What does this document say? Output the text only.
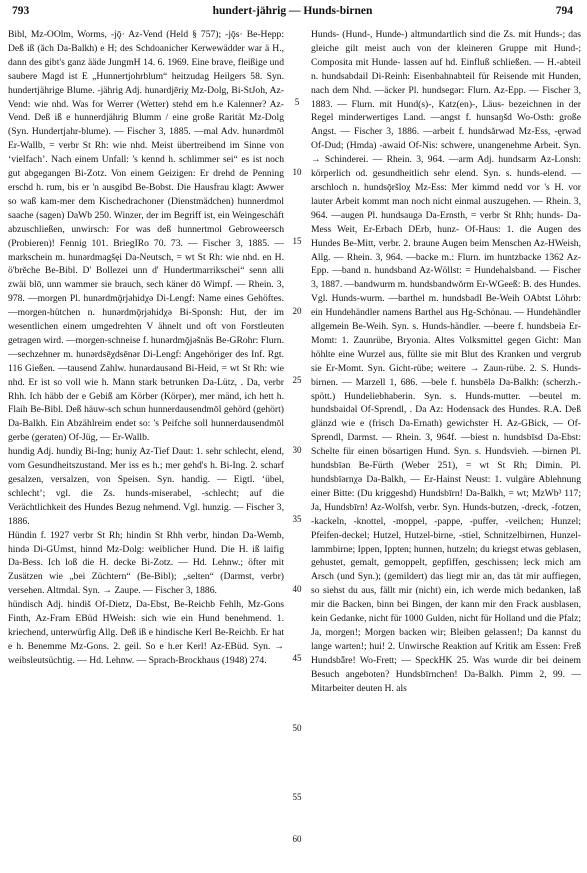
793	hundert-jährig — Hunds-birnen	794

Bibl, Mz-OOlm, Worms, -jǭ· Az-Vend (Held § 757); -jǭs· Be-Hepp: Deß iß (ăch Da-Balkh) e H; des Schdoanicher Kerwewädder war ä H., dann des gibt's ganz ääde JungmH 14. 6. 1969. Eine brave, fleißige und saubere Magd ist E „Hunnertjohrblum“ heitzudag Heilgers 58. Syn. hundertjährige Blume. -jährig Adj. hunərdjēriχ Mz-Dolg, Bi-StJoh, Az-Vend: wie nhd. Was for Werrer (Wetter) stehd em h.e Kalenner? Az-Vend. Deß iß e hunnerdjährig Blumm / eine große Rarität Mz-Dolg (Syn. Hundertjahr-blume). — Fischer 3, 1885. —mal Adv. hunərdmōl Er-Wallb, = verbr St Rh: wie nhd. Meist übertreibend im Sinne von ‘vielfach’. Nach einem Unfall: 's kennd h. schlimmer sei“ es ist noch gut abgegangen Bi-Zotz. Von einem Geizigen: Er drehd de Penning erschd h. rum, bis er 'n ausgibd Be-Bobst. Die Hausfrau klagt: Awwer so waß kam-mer dem Kischedrachoner (Dienstmädchen) hunnerdmol saache (sagen) DaWb 250. Winzer, der im Begriff ist, ein Weingeschäft abzuschließen, unwirsch: For was deß hunnertmol Gebroweersch (Probieren)! Fennig 101. BriegIRo 70. 73. — Fischer 3, 1885. —markschein m. hunərdmagšęi Da-Neutsch, = wt St Rh: wie nhd. en H. ö'brĕche Be-Bibl. D' Bollezei unn d' Hundertmarrikschei“ senn alli zwäi blō, unn wammer sie brauch, sech käner dō Wimpf. — Rhein. 3, 978. —morgen Pl. hunərdmǭrjəhidχə Di-Lengf: Name eines Gehöftes. —morgen-hütchen n. hunərdmǭrjəhidχə Bi-Sponsh: Hut, der im wesentlichen einem umgedrehten V ähnelt und oft von Forstleuten getragen wird. —morgen-schneise f. hunərdmǭjəšnäs Be-GRohr: Flurn. —sechzehner m. hunərdsēχdsēnər Di-Lengf: Angehöriger des Inf. Rgt. 116 Gießen. —tausend Zahlw. hunərdausənd Bi-Heid, = wt St Rh: wie nhd. Er ist so voll wie h. Mann stark betrunken Da-Lütz, . Da, verbr Rhh. Ich häbb der e Gebiß am Körber (Körper), mer mänd, ich hett h. Flaih Be-Bibl. Deß häuw-sch schun hunnerdausendmōl gehörd (gehört) Da-Balkh. Ein Abzählreim endet so: 's Peifche soll hunnerdausendmōl gerbe (geraten) Of-Jüg, — Er-Wallb.

hundig Adj. hundiχ Bi-Ing; huniχ Az-Tief Daut: 1. sehr schlecht, elend, vom Gesundheitszustand. Mer iss es h.; mer gehd's h. Bi-Ing. 2. scharf gesalzen, versalzen, von Speisen. Syn. handig. — Eigtl. ‘übel, schlecht’; vgl. die Zs. hunds-miserabel, -schlecht; auf die Verächtlichkeit des Hundes Bezug nehmend. Vgl. hunzig. — Fischer 3, 1886.

Hündin f. 1927 verbr St Rh; hindin St Rhh verbr, hindən Da-Wemb, hində Di-GUmst, hinnd Mz-Dolg: weiblicher Hund. Die H. iß laifig Da-Bess. Ich loß die H. decke Bi-Zotz. — Hd. Lehnw.; öfter mit Zusätzen wie „bei Züchtern“ (Be-Bibl); „selten“ (Darmst, verbr) versehen. Altmdal. Syn. → Zaupe. — Fischer 3, 1886.

hündisch Adj. hindiš Of-Dietz, Da-Ebst, Be-Reichb Fehlh, Mz-Gons Finth, Az-Fram EBüd HWeish: sich wie ein Hund benehmend. 1. kriechend, unterwürfig Allg. Deß iß e hindische Kerl Be-Reichb. Er hat e h. Benemme Mz-Gons. 2. geil. So e h.er Kerl! Az-EBüd. Syn. → weibsleutsüchtig. — Hd. Lehnw. — Sprach-Brockhaus (1948) 274.

5
10
15
20
25
30
35
40
45
50
55
60

Hunds- (Hund-, Hunde-) altmundartlich sind die Zs. mit Hunds-; das gleiche gilt meist auch von der kleineren Gruppe mit Hund-; Composita mit Hunde- lassen auf hd. Einfluß schließen. — H.-abteil n. hundsabdail Di-Reinh: Eisenbahnabteil für Reisende mit Hunden, nach dem Nhd. —äcker Pl. hundsegər: Flurn. Az-Epp. — Fischer 3, 1883. — Flurn. mit Hund(s)-, Katz(en)-, Läus- bezeichnen in der Regel minderwertiges Land. —angst f. hunsaŋšd Wo-Osth: große Angst. — Fischer 3, 1886. —arbeit f. hundsărwəd Mz-Ess, -ęrwəd Of-Dud; (Hmda) -awaid Of-Nis: schwere, unangenehme Arbeit. Syn. → Schinderei. — Rhein. 3, 964. —arm Adj. hundsarm Az-Lonsh: körperlich od. gesundheitlich sehr elend. Syn. s. hunds-elend. —arschloch n. hundsǭršloχ Mz-Ess: Mer kimmd nedd vor 's H. vor lauter Arbeit kommt man noch nicht einmal auszugehen. — Rhein. 3, 964. —augen Pl. hundsaugə Da-Ernsth, = verbr St Rhh; hunds- Da-Mess Weit, Er-Erbach DErb, hunz- Of-Haus: 1. die Augen des Hundes Be-Mitt, verbr. 2. braune Augen beim Menschen Az-HWeish, Allg. — Rhein. 3, 964. —backe m.: Flurn. im huntzbacke 1362 Az-Epp. —band n. hundsband Az-Wöllst: = Hundehalsband. — Fischer 3, 1887. —bandwurm m. hundsbandwŏrm Er-WGeeß: B. des Hundes. Vgl. Hunds-wurm. —barthel m. hundsbadl Be-Weih OAbtst Löhrb: ein Hundehändler namens Barthel aus Hg-Schönau. — Hundehändler allgemein Be-Weih. Syn. s. Hunds-händler. —beere f. hundsbeiə Er-Momt: 1. Zaunrübe, Bryonia. Altes Volksmittel gegen Gicht: Man höhlte eine Wurzel aus, füllte sie mit Blut des Kranken und vergrub sie Er-Momt. Syn. Gicht-rübe; weitere → Zaun-rübe. 2. S. Hunds-birnen. — Marzell 1, 686. —bele f. hunsbēlə Da-Balkh: (scherzh.-spött.) Hundeliebhaberin. Syn. s. Hunds-mutter. —beutel m. hundsbaidəl Of-Sprendl, . Da Az: Hodensack des Hundes. R.A. Deß glänzd wie e (frisch Da-Ernath) gewichster H. Az-GBick, — Of-Sprendl, Darmst. — Rhein. 3, 964f. —biest n. hundsbīsd Da-Ebst: Schelte für einen bösartigen Hund. Syn. s. Hundsvieh. —birnen Pl. hundsbīən Be-Fürth (Weber 251), = wt St Rh; Dimin. Pl. hundsbīərnχə Da-Balkh, — Er-Hainst Neust: 1. vulgäre Ablehnung einer Bitte: (Du kriggeshd) Hundsbīrn! Da-Balkh, = wt; MzWb³ 117; Ja, Hundsbīrn! Az-Wolfsh, verbr. Syn. Hunds-butzen, -dreck, -fotzen, -kackeln, -knottel, -moppel, -pappe, -puffer, -veilchen; Hunzel; Pfeifen-deckel; Hutzel, Hutzel-birne, -stiel, Schnitzelbirnen, Hunzel-lammbirne; Ippen, Ippten; hunnen, hutzeln; du kriegst etwas geblasen, gehustet, gemalt, gemoppelt, gepfiffen, geschissen; leck mich am Arsch (und Syn.); (gemildert) das liegt mir an, das tät mir auffiegen, so siehst du aus, fällt mir (nicht) ein, ich werde mich bedanken, laß mir die Backen, binn bei Bingen, der kann mir den Frack ausblasen, kein Gedanke, nicht für 1000 Gulden, nicht für Holland und die Pfalz; Ja, morgen!; Morgen backen wir; Bleiben gelassen!; Da kannst du lange warten!; hui! 2. Unwirsche Reaktion auf Kritik am Essen: Freß Hundsbǟre! Wo-Frett; — SpeckHK 25. Was wurde dir bei deinem Besuch angeboten? Hundsbīrnchen! Da-Balkh. Pimm 2, 99. — Mitarbeiter deuten H. als
